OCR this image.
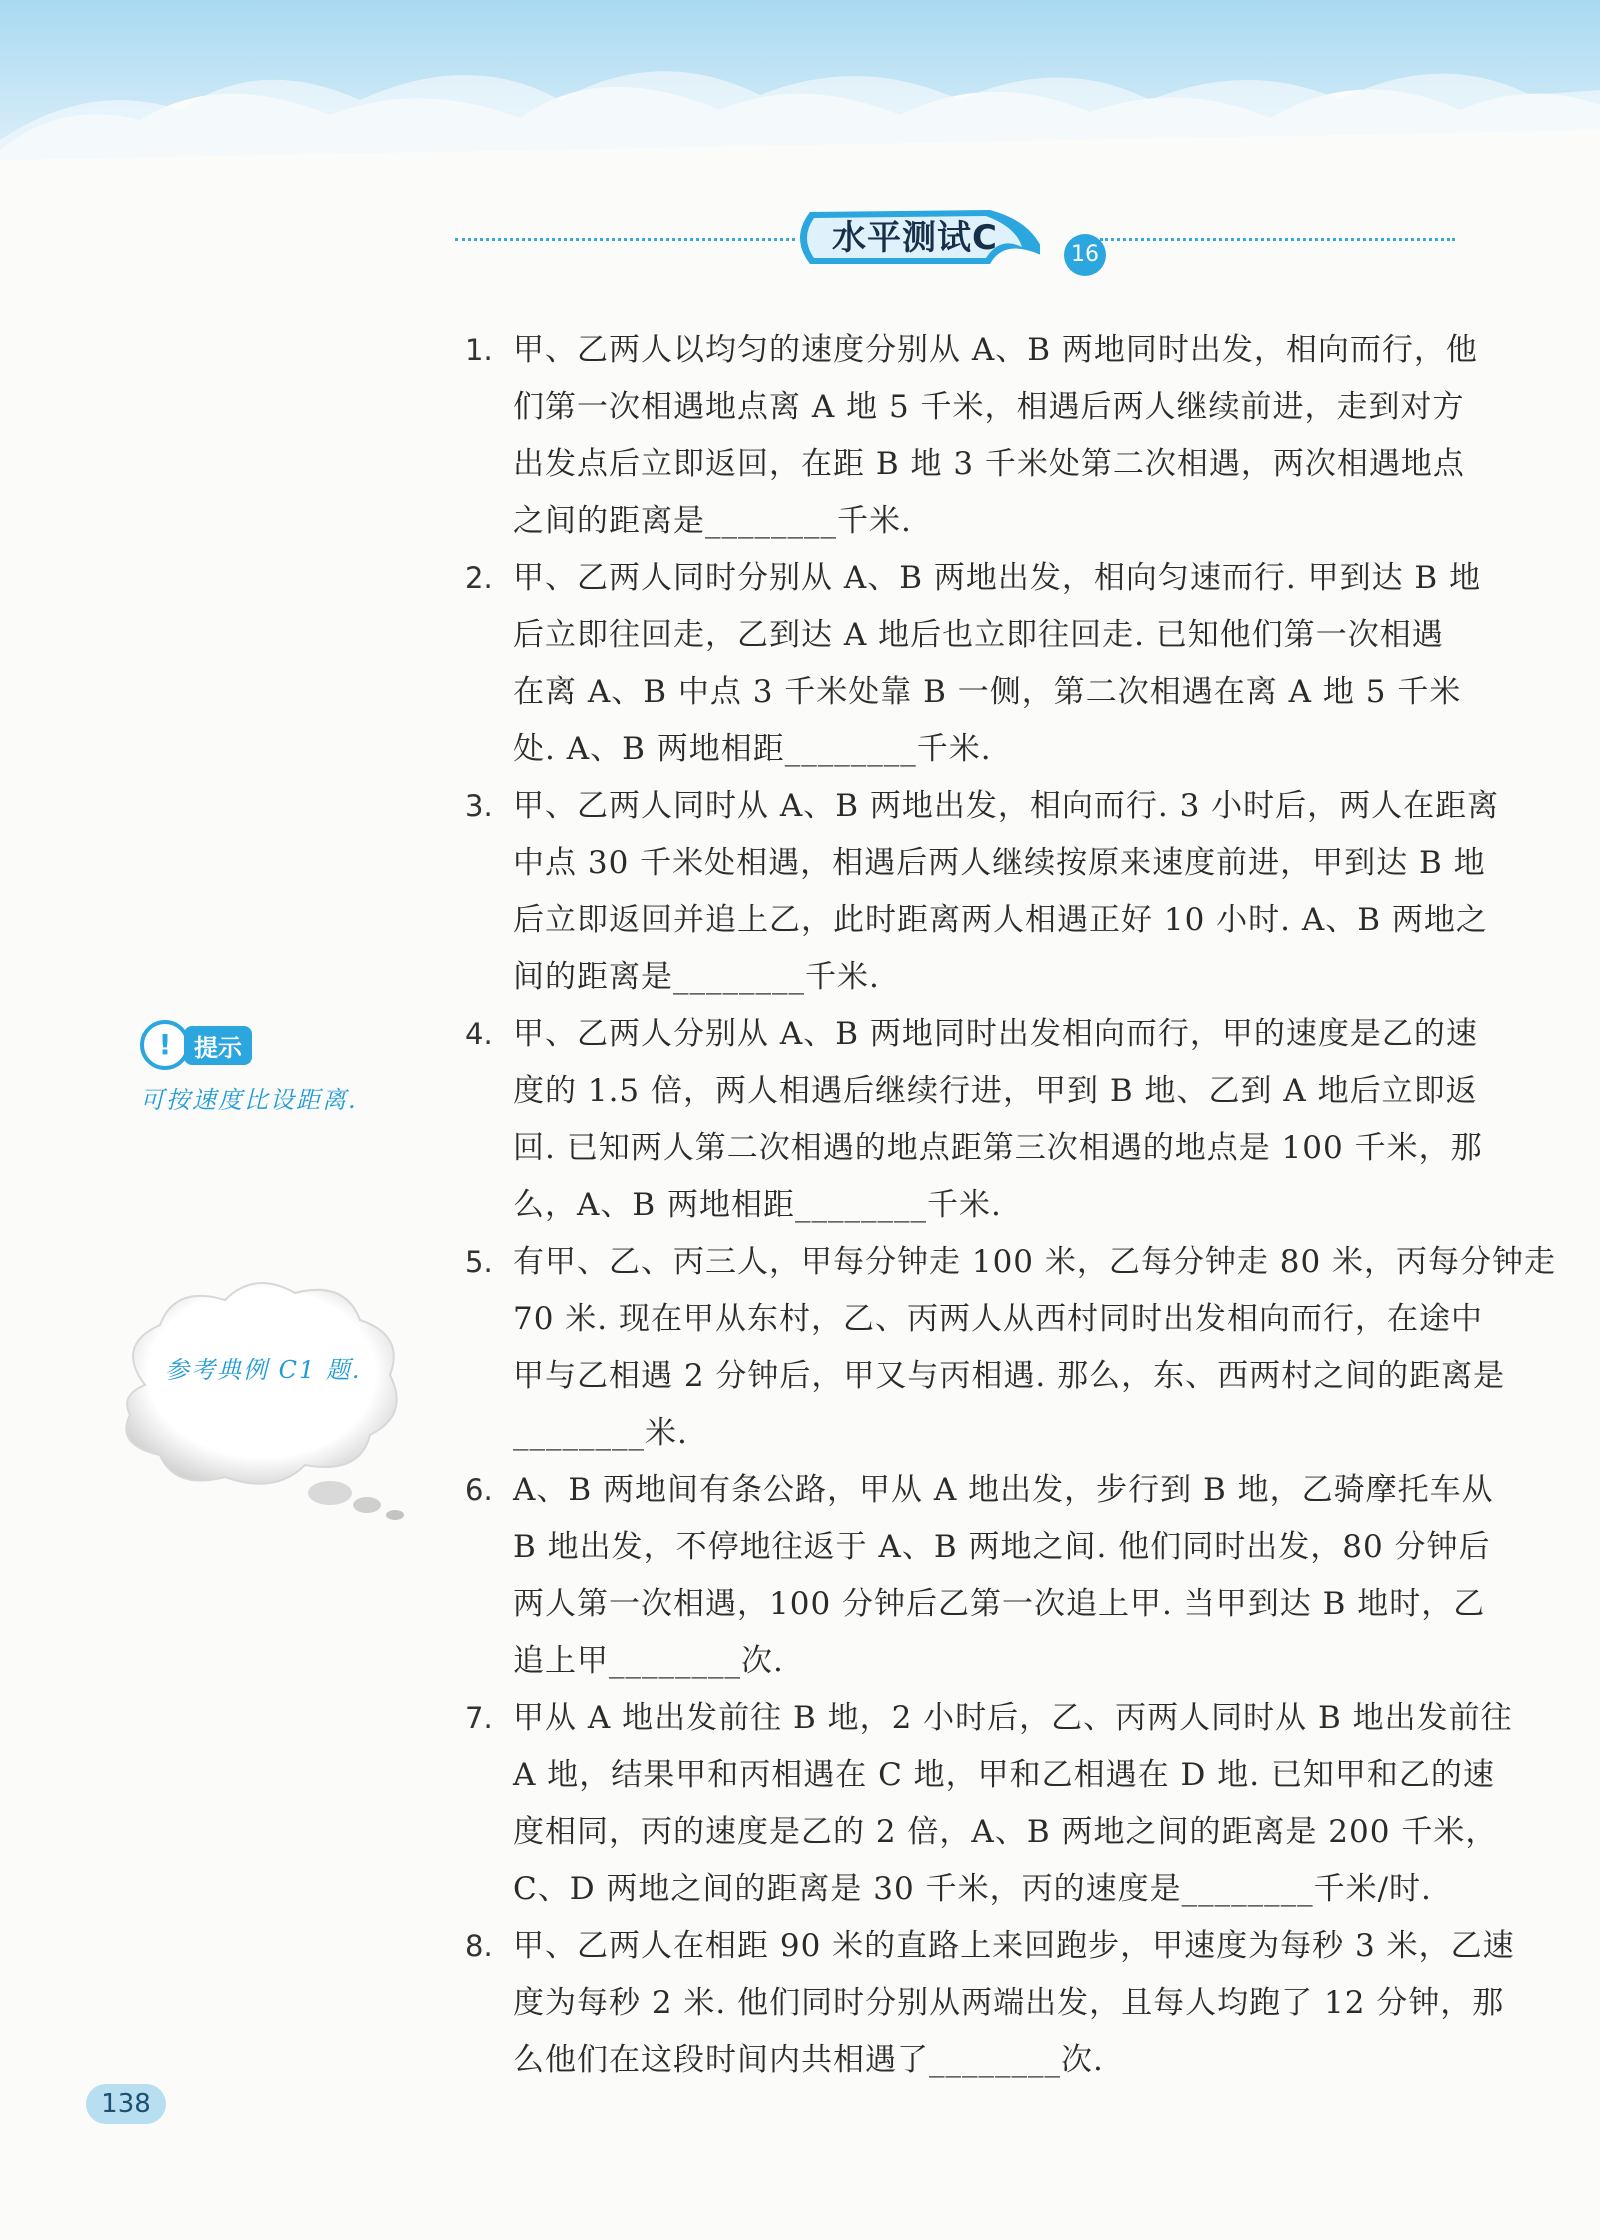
水平测试C	16
1. 甲、乙两人以均匀的速度分别从 A、B 两地同时出发，相向而行，他
们第一次相遇地点离 A 地 5 千米，相遇后两人继续前进，走到对方
出发点后立即返回，在距 B 地 3 千米处第二次相遇，两次相遇地点
之间的距离是________千米.
2. 甲、乙两人同时分别从 A、B 两地出发，相向匀速而行. 甲到达 B 地
后立即往回走，乙到达 A 地后也立即往回走. 已知他们第一次相遇
在离 A、B 中点 3 千米处靠 B 一侧，第二次相遇在离 A 地 5 千米
处. A、B 两地相距________千米.
3. 甲、乙两人同时从 A、B 两地出发，相向而行. 3 小时后，两人在距离
中点 30 千米处相遇，相遇后两人继续按原来速度前进，甲到达 B 地
后立即返回并追上乙，此时距离两人相遇正好 10 小时. A、B 两地之
间的距离是________千米.
4. 甲、乙两人分别从 A、B 两地同时出发相向而行，甲的速度是乙的速
度的 1.5 倍，两人相遇后继续行进，甲到 B 地、乙到 A 地后立即返
回. 已知两人第二次相遇的地点距第三次相遇的地点是 100 千米，那
么，A、B 两地相距________千米.
5. 有甲、乙、丙三人，甲每分钟走 100 米，乙每分钟走 80 米，丙每分钟走
70 米. 现在甲从东村，乙、丙两人从西村同时出发相向而行，在途中
甲与乙相遇 2 分钟后，甲又与丙相遇. 那么，东、西两村之间的距离是
________米.
6. A、B 两地间有条公路，甲从 A 地出发，步行到 B 地，乙骑摩托车从
B 地出发，不停地往返于 A、B 两地之间. 他们同时出发，80 分钟后
两人第一次相遇，100 分钟后乙第一次追上甲. 当甲到达 B 地时，乙
追上甲________次.
7. 甲从 A 地出发前往 B 地，2 小时后，乙、丙两人同时从 B 地出发前往
A 地，结果甲和丙相遇在 C 地，甲和乙相遇在 D 地. 已知甲和乙的速
度相同，丙的速度是乙的 2 倍，A、B 两地之间的距离是 200 千米，
C、D 两地之间的距离是 30 千米，丙的速度是________千米/时.
8. 甲、乙两人在相距 90 米的直路上来回跑步，甲速度为每秒 3 米，乙速
度为每秒 2 米. 他们同时分别从两端出发，且每人均跑了 12 分钟，那
么他们在这段时间内共相遇了________次.
! 提示
可按速度比设距离.
参考典例 C1 题.
138
